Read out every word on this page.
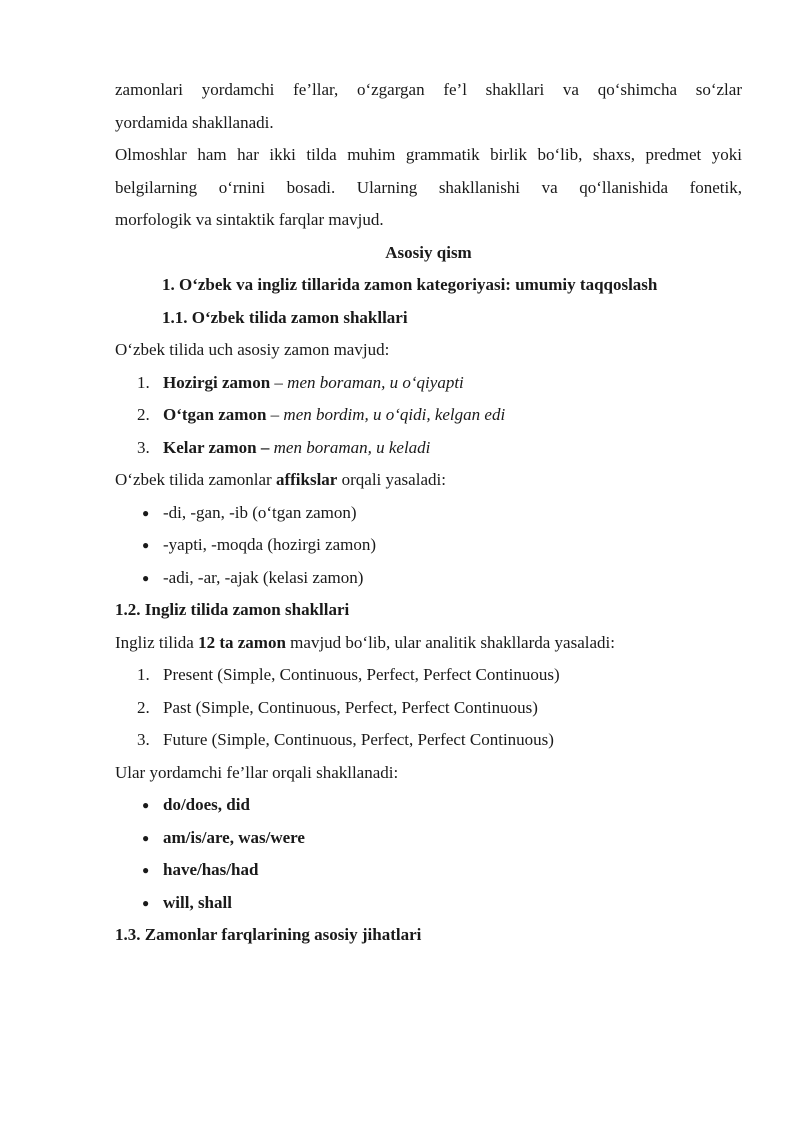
zamonlari yordamchi fe’llar, o‘zgargan fe’l shakllari va qo‘shimcha so‘zlar
yordamida shakllanadi.
Olmoshlar ham har ikki tilda muhim grammatik birlik bo‘lib, shaxs, predmet yoki
belgilarning o‘rnini bosadi. Ularning shakllanishi va qo‘llanishida fonetik,
morfologik va sintaktik farqlar mavjud.
Asosiy qism
1. O‘zbek va ingliz tillarida zamon kategoriyasi: umumiy taqqoslash
1.1. O‘zbek tilida zamon shakllari
O‘zbek tilida uch asosiy zamon mavjud:
1. Hozirgi zamon – men boraman, u o‘qiyapti
2. O‘tgan zamon – men bordim, u o‘qidi, kelgan edi
3. Kelar zamon – men boraman, u keladi
O‘zbek tilida zamonlar affikslar orqali yasaladi:
● -di, -gan, -ib (o‘tgan zamon)
● -yapti, -moqda (hozirgi zamon)
● -adi, -ar, -ajak (kelasi zamon)
1.2. Ingliz tilida zamon shakllari
Ingliz tilida 12 ta zamon mavjud bo‘lib, ular analitik shakllarda yasaladi:
1. Present (Simple, Continuous, Perfect, Perfect Continuous)
2. Past (Simple, Continuous, Perfect, Perfect Continuous)
3. Future (Simple, Continuous, Perfect, Perfect Continuous)
Ular yordamchi fe’llar orqali shakllanadi:
● do/does, did
● am/is/are, was/were
● have/has/had
● will, shall
1.3. Zamonlar farqlarining asosiy jihatlari
